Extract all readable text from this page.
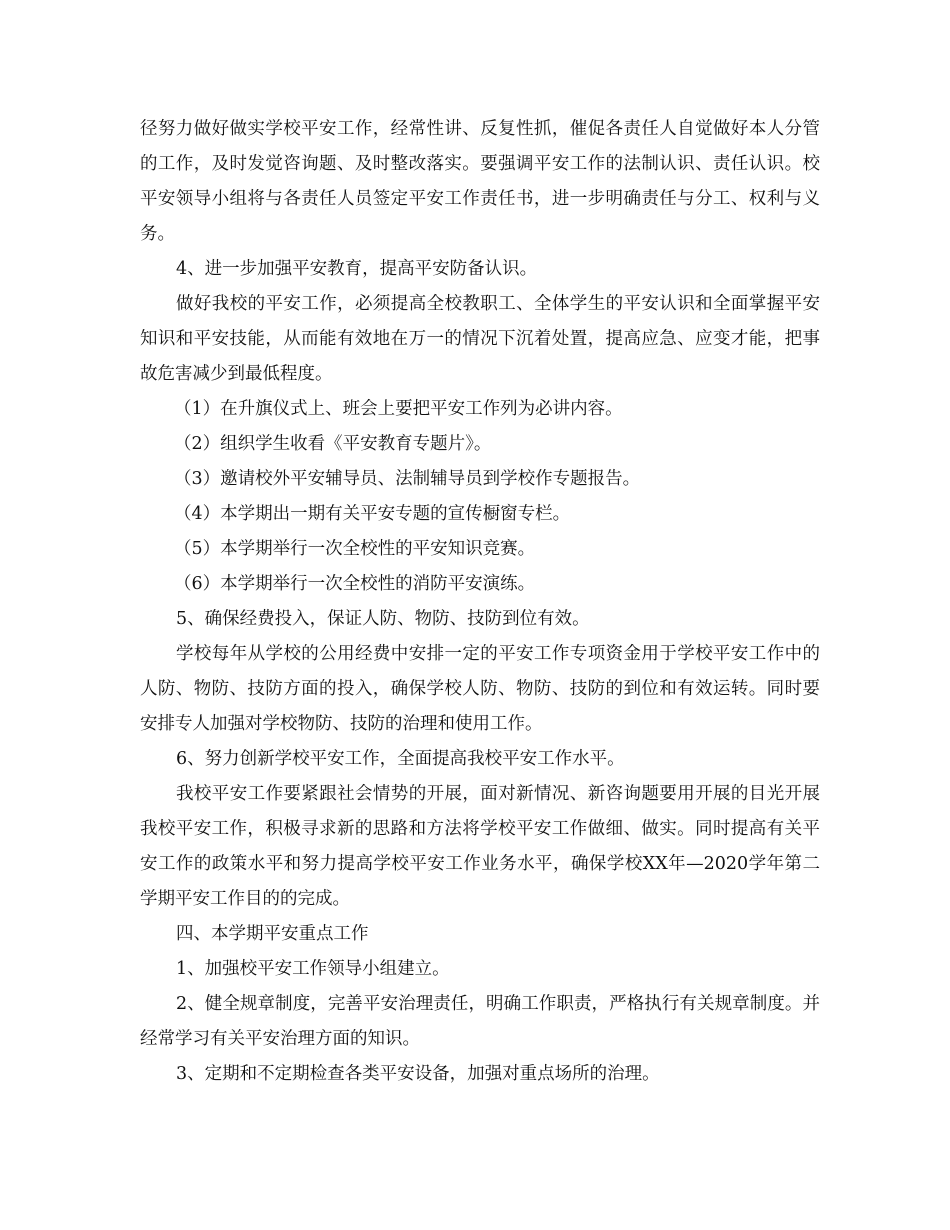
径努力做好做实学校平安工作，经常性讲、反复性抓，催促各责任人自觉做好本人分管的工作，及时发觉咨询题、及时整改落实。要强调平安工作的法制认识、责任认识。校平安领导小组将与各责任人员签定平安工作责任书，进一步明确责任与分工、权利与义务。

4、进一步加强平安教育，提高平安防备认识。

做好我校的平安工作，必须提高全校教职工、全体学生的平安认识和全面掌握平安知识和平安技能，从而能有效地在万一的情况下沉着处置，提高应急、应变才能，把事故危害减少到最低程度。

（1）在升旗仪式上、班会上要把平安工作列为必讲内容。

（2）组织学生收看《平安教育专题片》。

（3）邀请校外平安辅导员、法制辅导员到学校作专题报告。

（4）本学期出一期有关平安专题的宣传橱窗专栏。

（5）本学期举行一次全校性的平安知识竞赛。

（6）本学期举行一次全校性的消防平安演练。

5、确保经费投入，保证人防、物防、技防到位有效。

学校每年从学校的公用经费中安排一定的平安工作专项资金用于学校平安工作中的人防、物防、技防方面的投入，确保学校人防、物防、技防的到位和有效运转。同时要安排专人加强对学校物防、技防的治理和使用工作。

6、努力创新学校平安工作，全面提高我校平安工作水平。

我校平安工作要紧跟社会情势的开展，面对新情况、新咨询题要用开展的目光开展我校平安工作，积极寻求新的思路和方法将学校平安工作做细、做实。同时提高有关平安工作的政策水平和努力提高学校平安工作业务水平，确保学校XX年—2020学年第二学期平安工作目的的完成。

四、本学期平安重点工作

1、加强校平安工作领导小组建立。

2、健全规章制度，完善平安治理责任，明确工作职责，严格执行有关规章制度。并经常学习有关平安治理方面的知识。

3、定期和不定期检查各类平安设备，加强对重点场所的治理。
